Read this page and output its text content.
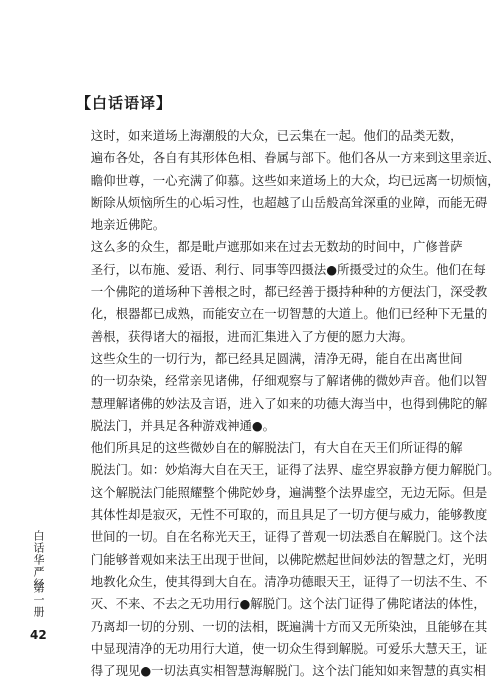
【白话语译】

这时，如来道场上海潮般的大众，已云集在一起。他们的品类无数，
遍布各处，各自有其形体色相、眷属与部下。他们各从一方来到这里亲近、
瞻仰世尊，一心充满了仰慕。这些如来道场上的大众，均已远离一切烦恼，
断除从烦恼所生的心垢习性，也超越了山岳般高耸深重的业障，而能无碍
地亲近佛陀。

这么多的众生，都是毗卢遮那如来在过去无数劫的时间中，广修普萨
圣行，以布施、爱语、利行、同事等四摄法●所摄受过的众生。他们在每
一个佛陀的道场种下善根之时，都已经善于摄持种种的方便法门，深受教
化，根器都已成熟，而能安立在一切智慧的大道上。他们已经种下无量的
善根，获得诸大的福报，进而汇集进入了方便的愿力大海。

这些众生的一切行为，都已经具足圆满，清净无碍，能自在出离世间
的一切杂染，经常亲见诸佛，仔细观察与了解诸佛的微妙声音。他们以智
慧理解诸佛的妙法及言语，进入了如来的功德大海当中，也得到佛陀的解
脱法门，并具足各种游戏神通●。

他们所具足的这些微妙自在的解脱法门，有大自在天王们所证得的解
脱法门。如：妙焰海大自在天王，证得了法界、虚空界寂静方便力解脱门。
这个解脱法门能照耀整个佛陀妙身，遍满整个法界虚空，无边无际。但是
其体性却是寂灭，无性不可取的，而且具足了一切方便与威力，能够教度
世间的一切。自在名称光天王，证得了普观一切法悉自在解脱门。这个法
门能够普观如来法王出现于世间，以佛陀燃起世间妙法的智慧之灯，光明
地教化众生，使其得到大自在。清净功德眼天王，证得了一切法不生、不
灭、不来、不去之无功用行●解脱门。这个法门证得了佛陀诸法的体性，
乃离却一切的分别、一切的法相，既遍满十方而又无所染浊，且能够在其
中显现清净的无功用行大道，使一切众生得到解脱。可爱乐大慧天王，证
得了现见●一切法真实相智慧海解脱门。这个法门能知如来智慧的真实相

白话华严经
第一册
42
